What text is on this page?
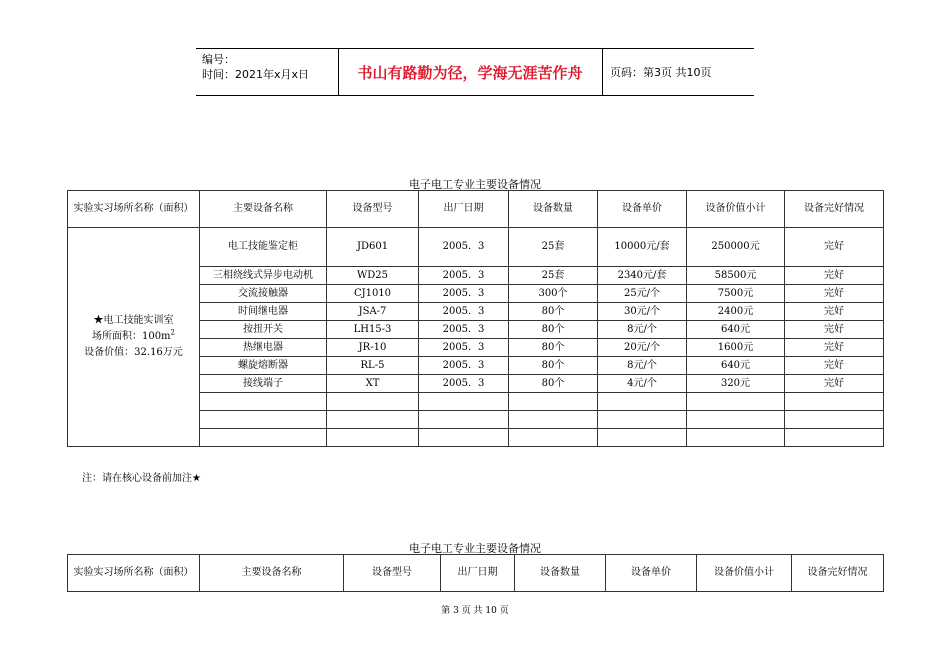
编号：
时间：2021年x月x日	书山有路勤为径，学海无涯苦作舟	页码：第3页 共10页
电子电工专业主要设备情况
实验实习场所名称（面积）	主要设备名称	设备型号	出厂日期	设备数量	设备单价	设备价值小计	设备完好情况

★电工技能实训室
场所面积：$100m^2$
设备价值：32.16万元	电工技能鉴定柜	JD601	2005．3	25套	10000元/套	250000元	完好
	三相绕线式异步电动机	WD25	2005．3	25套	2340元/套	58500元	完好
	交流接触器	CJ1010	2005．3	300个	25元/个	7500元	完好
	时间继电器	JSA-7	2005．3	80个	30元/个	2400元	完好
	按扭开关	LH15-3	2005．3	80个	8元/个	640元	完好
	热继电器	JR-10	2005．3	80个	20元/个	1600元	完好
	螺旋熔断器	RL-5	2005．3	80个	8元/个	640元	完好
	接线端子	XT	2005．3	80个	4元/个	320元	完好

注：请在核心设备前加注★
电子电工专业主要设备情况
实验实习场所名称（面积）	主要设备名称	设备型号	出厂日期	设备数量	设备单价	设备价值小计	设备完好情况
第 3 页 共 10 页
